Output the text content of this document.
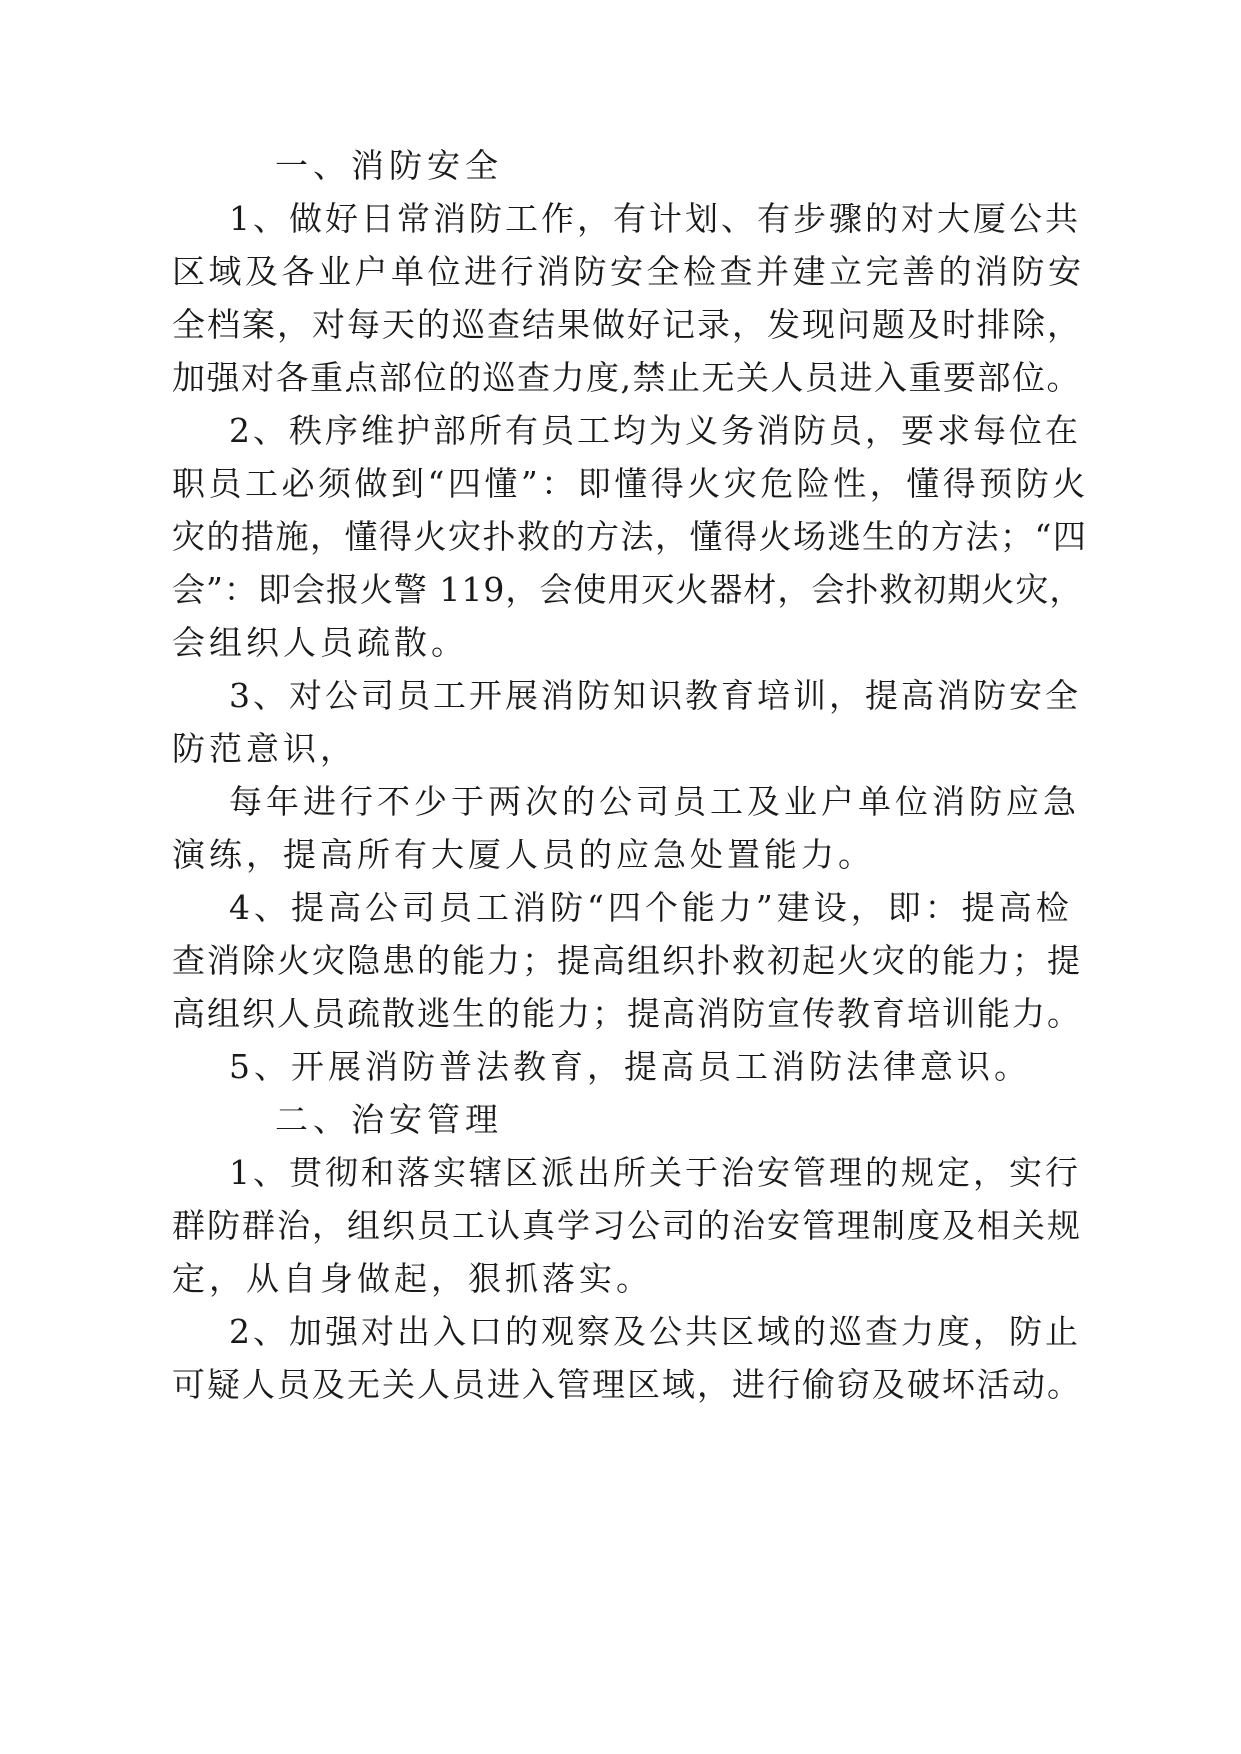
一、消防安全
1、做好日常消防工作，有计划、有步骤的对大厦公共
区域及各业户单位进行消防安全检查并建立完善的消防安
全档案，对每天的巡查结果做好记录，发现问题及时排除，
加强对各重点部位的巡查力度,禁止无关人员进入重要部位。
2、秩序维护部所有员工均为义务消防员，要求每位在
职员工必须做到“四懂”：即懂得火灾危险性，懂得预防火
灾的措施，懂得火灾扑救的方法，懂得火场逃生的方法；“四
会”：即会报火警 119，会使用灭火器材，会扑救初期火灾，
会组织人员疏散。
3、对公司员工开展消防知识教育培训，提高消防安全
防范意识，
每年进行不少于两次的公司员工及业户单位消防应急
演练，提高所有大厦人员的应急处置能力。
4、提高公司员工消防“四个能力”建设，即：提高检
查消除火灾隐患的能力；提高组织扑救初起火灾的能力；提
高组织人员疏散逃生的能力；提高消防宣传教育培训能力。
5、开展消防普法教育，提高员工消防法律意识。
二、治安管理
1、贯彻和落实辖区派出所关于治安管理的规定，实行
群防群治，组织员工认真学习公司的治安管理制度及相关规
定，从自身做起，狠抓落实。
2、加强对出入口的观察及公共区域的巡查力度，防止
可疑人员及无关人员进入管理区域，进行偷窃及破坏活动。
